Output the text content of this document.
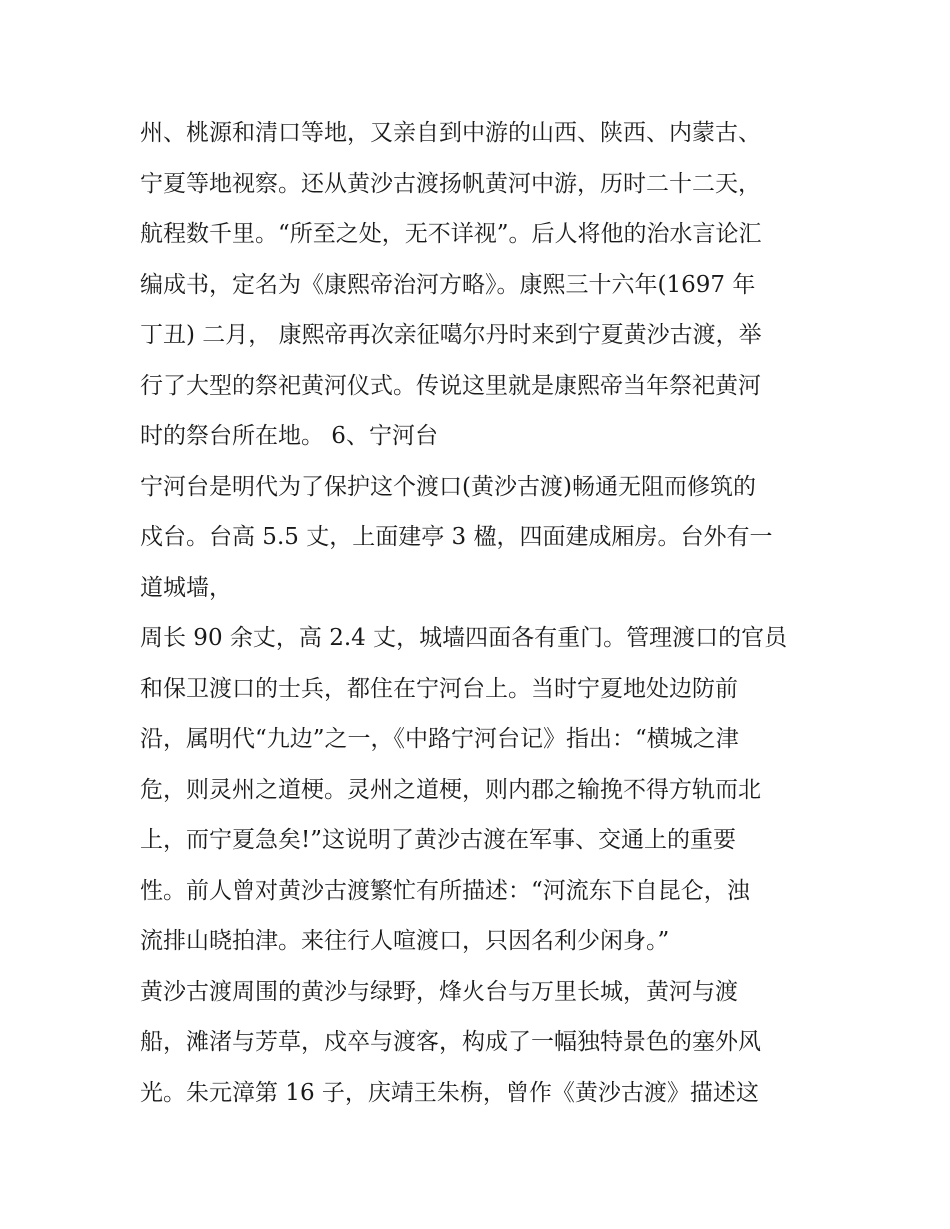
州、桃源和清口等地，又亲自到中游的山西、陕西、内蒙古、
宁夏等地视察。还从黄沙古渡扬帆黄河中游，历时二十二天，
航程数千里。“所至之处，无不详视”。后人将他的治水言论汇
编成书，定名为《康熙帝治河方略》。康熙三十六年(1697 年
丁丑) 二月， 康熙帝再次亲征噶尔丹时来到宁夏黄沙古渡，举
行了大型的祭祀黄河仪式。传说这里就是康熙帝当年祭祀黄河
时的祭台所在地。 6、宁河台
宁河台是明代为了保护这个渡口(黄沙古渡)畅通无阻而修筑的
戍台。台高 5.5 丈，上面建亭 3 楹，四面建成厢房。台外有一
道城墙，
周长 90 余丈，高 2.4 丈，城墙四面各有重门。管理渡口的官员
和保卫渡口的士兵，都住在宁河台上。当时宁夏地处边防前
沿，属明代“九边”之一，《中路宁河台记》指出：“横城之津
危，则灵州之道梗。灵州之道梗，则内郡之输挽不得方轨而北
上，而宁夏急矣!”这说明了黄沙古渡在军事、交通上的重要
性。前人曾对黄沙古渡繁忙有所描述：“河流东下自昆仑，浊
流排山晓拍津。来往行人喧渡口，只因名利少闲身。”
黄沙古渡周围的黄沙与绿野，烽火台与万里长城，黄河与渡
船，滩渚与芳草，戍卒与渡客，构成了一幅独特景色的塞外风
光。朱元漳第 16 子，庆靖王朱栴，曾作《黄沙古渡》描述这
